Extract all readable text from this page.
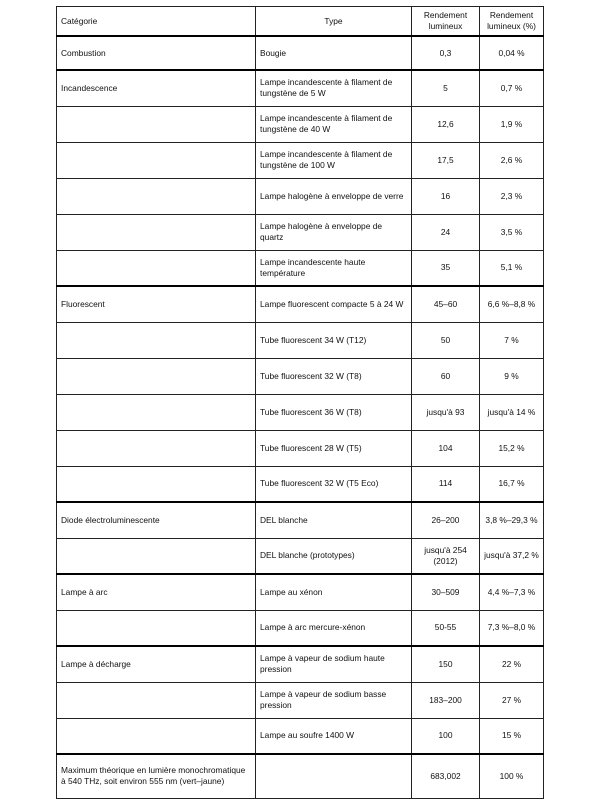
Catégorie	Type	Rendement lumineux	Rendement lumineux (%)
Combustion	Bougie	0,3	0,04 %
Incandescence	Lampe incandescente à filament de tungstène de 5 W	5	0,7 %
	Lampe incandescente à filament de tungstène de 40 W	12,6	1,9 %
	Lampe incandescente à filament de tungstène de 100 W	17,5	2,6 %
	Lampe halogène à enveloppe de verre	16	2,3 %
	Lampe halogène à enveloppe de quartz	24	3,5 %
	Lampe incandescente haute température	35	5,1 %
Fluorescent	Lampe fluorescent compacte 5 à 24 W	45–60	6,6 %–8,8 %
	Tube fluorescent 34 W (T12)	50	7 %
	Tube fluorescent 32 W (T8)	60	9 %
	Tube fluorescent 36 W (T8)	jusqu'à 93	jusqu'à 14 %
	Tube fluorescent 28 W (T5)	104	15,2 %
	Tube fluorescent 32 W (T5 Eco)	114	16,7 %
Diode électroluminescente	DEL blanche	26–200	3,8 %–29,3 %
	DEL blanche (prototypes)	jusqu'à 254 (2012)	jusqu'à 37,2 %
Lampe à arc	Lampe au xénon	30–509	4,4 %–7,3 %
	Lampe à arc mercure-xénon	50-55	7,3 %–8,0 %
Lampe à décharge	Lampe à vapeur de sodium haute pression	150	22 %
	Lampe à vapeur de sodium basse pression	183–200	27 %
	Lampe au soufre 1400 W	100	15 %
Maximum théorique en lumière monochromatique à 540 THz, soit environ 555 nm (vert–jaune)		683,002	100 %
